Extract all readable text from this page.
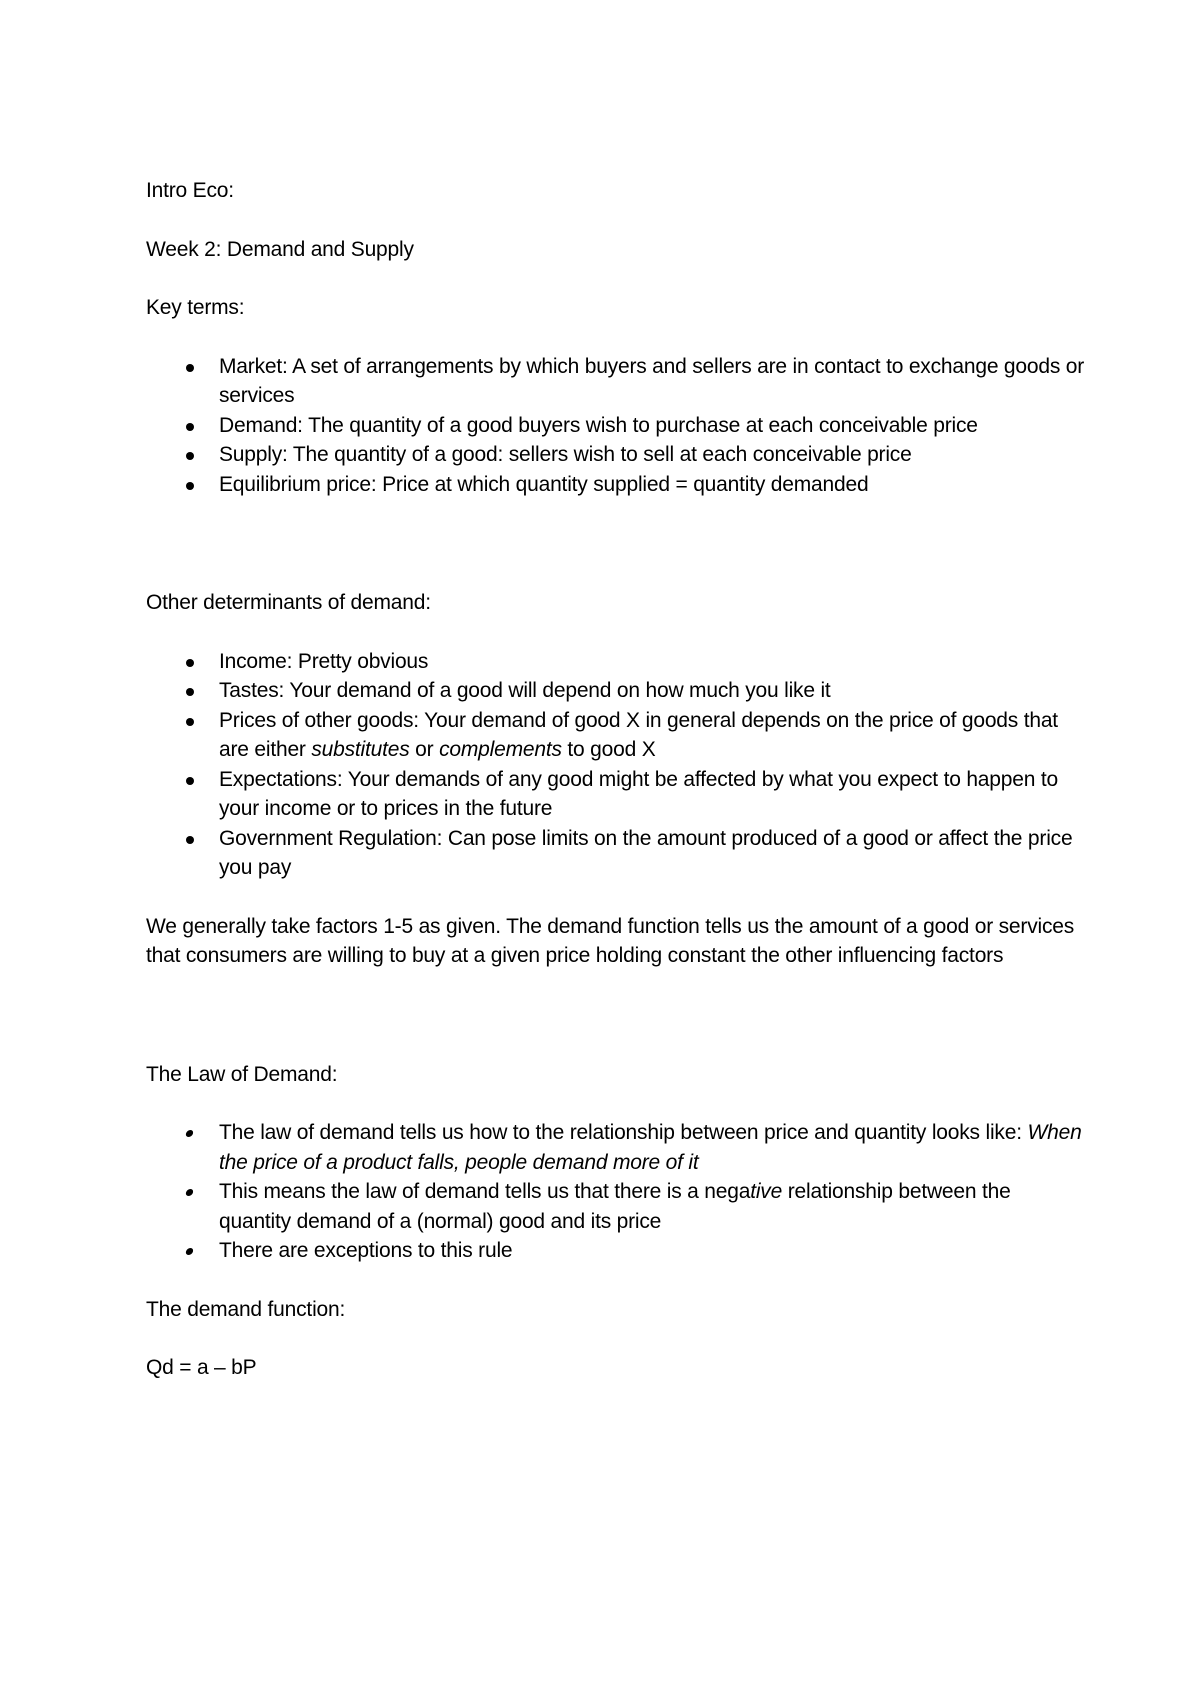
Intro Eco:

Week 2: Demand and Supply

Key terms:

Market: A set of arrangements by which buyers and sellers are in contact to exchange goods or services
Demand: The quantity of a good buyers wish to purchase at each conceivable price
Supply: The quantity of a good: sellers wish to sell at each conceivable price
Equilibrium price: Price at which quantity supplied = quantity demanded

Other determinants of demand:

Income: Pretty obvious
Tastes: Your demand of a good will depend on how much you like it
Prices of other goods: Your demand of good X in general depends on the price of goods that are either substitutes or complements to good X
Expectations: Your demands of any good might be affected by what you expect to happen to your income or to prices in the future
Government Regulation: Can pose limits on the amount produced of a good or affect the price you pay

We generally take factors 1-5 as given. The demand function tells us the amount of a good or services that consumers are willing to buy at a given price holding constant the other influencing factors

The Law of Demand:

The law of demand tells us how to the relationship between price and quantity looks like: When the price of a product falls, people demand more of it
This means the law of demand tells us that there is a negative relationship between the quantity demand of a (normal) good and its price
There are exceptions to this rule

The demand function:

Qd = a – bP
